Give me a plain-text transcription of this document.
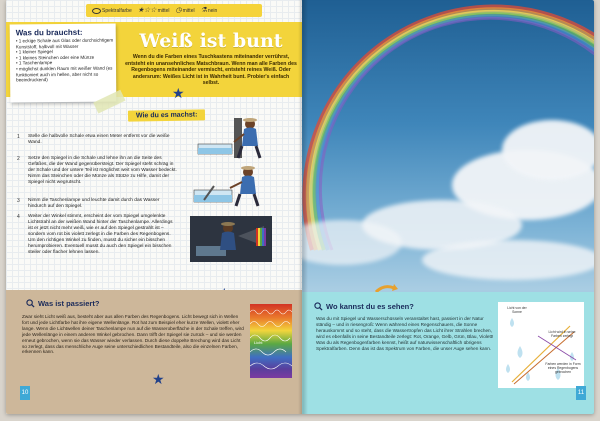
Spektralfarbe ★☆☆ mittel ◷ mittel ⚗ nein
Weiß ist bunt
Wenn du die Farben eines Tuschkastens miteinander verrührst, entsteht ein unansehnliches Matschbraun. Wenn man alle Farben des Regenbogens miteinander vermischt, entsteht reines Weiß. Oder andersrum: Weißes Licht ist in Wahrheit bunt. Probier's einfach selbst.
Was du brauchst:
• 1 eckige Schale aus Glas oder durchsichtigem Kunststoff, halbvoll mit Wasser
• 1 kleiner Spiegel
• 1 kleines Steinchen oder eine Münze
• 1 Taschenlampe
• möglichst dunklen Raum mit weißer Wand (es funktioniert auch im hellen, aber nicht so beeindruckend)
★
Wie du es machst:
1 Stelle die halbvolle Schale etwa einen Meter entfernt vor die weiße Wand.
2 Setze den Spiegel in die Schale und lehne ihn an die Seite des Gefäßes, die der Wand gegenübersteigt. Der Spiegel steht schräg in der Schale und der untere Teil ist möglichst weit vom Wasser bedeckt. Nimm das Steinchen oder die Münze als Stütze zu Hilfe, damit der Spiegel nicht wegrutscht.
3 Nimm die Taschenlampe und leuchte damit durch das Wasser hindurch auf den Spiegel.
4 Weiter der Winkel stimmt, erscheint der vom Spiegel umgelenkte Lichtstrahl an der weißen Wand hinter der Taschenlampe. Allerdings ist er jetzt nicht mehr weiß, wie er auf den Spiegel gestrahlt ist – sondern vom rot bis violett zerlegt in die Farben des Regenbogens. Um den richtigen Winkel zu finden, musst du sicher ein bisschen herumprobieren. Eventuell musst du auch den Spiegel ein bisschen steiler oder flacher lehnen lassen.
Was ist passiert?
Zwar sieht Licht weiß aus, besteht aber aus allen Farben des Regenbogens. Licht bewegt sich in Wellen fort und jede Lichtfarbe hat ihre eigene Wellenlänge. Rot hat zum Beispiel eher kurze Wellen, violett eher lange. Wenn die Lichtwellen deiner Taschenlampe nun auf die Wasseroberfläche in der Schale treffen, wird jede Wellenlänge in einem anderen Winkel gebrochen. Dann trifft der Spiegel sie zurück – und sie werden erneut gebrochen, wenn sie das Wasser wieder verlassen. Durch diese doppelte Brechung wird das Licht so zerlegt, dass das menschliche Auge seine unterschiedlichen Bestandteile, also die einzelnen Farben, erkennen kann.
Licht
★
10
Wo kannst du es sehen?
Was du mit Spiegel und Wasserschüsseln veranstaltet hast, passiert in der Natur ständig – und in riesengroß: Wenn während eines Regenschauers, die Sonne herauskommt und so steht, dass die Wassertropfen das Licht ihrer Strahlen brechen, wird es ebenfalls in seine Bestandteile zerlegt: Rot, Orange, Gelb, Grün, Blau, Violett! Was du als Regenbogenfarben kennst, heißt auf naturwissenschaftlich übrigens Spektralfarben. Denn das ist das Spektrum von Farben, die unser Auge sehen kann.
Licht von der Sonne
Licht wird in seine Farben zerlegt
Farben werden in Form eines Regenbogens gebrochen
11
